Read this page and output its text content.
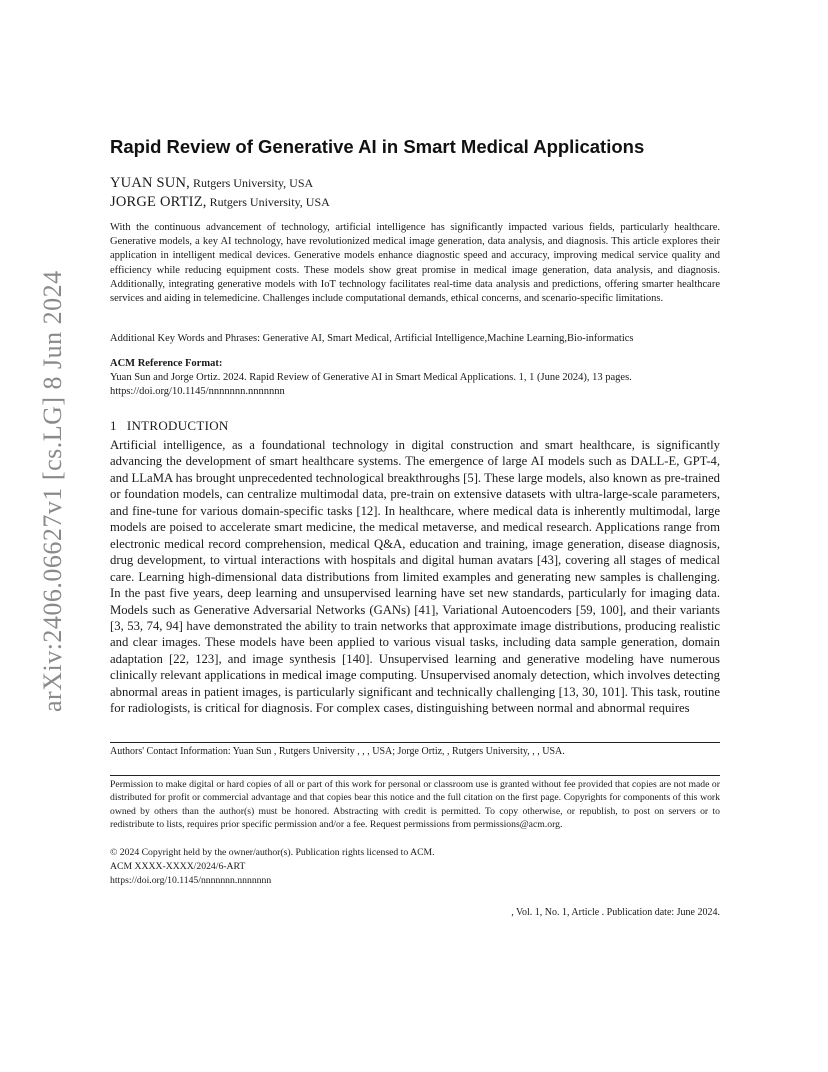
arXiv:2406.06627v1 [cs.LG] 8 Jun 2024
Rapid Review of Generative AI in Smart Medical Applications
YUAN SUN, Rutgers University, USA
JORGE ORTIZ, Rutgers University, USA
With the continuous advancement of technology, artificial intelligence has significantly impacted various fields, particularly healthcare. Generative models, a key AI technology, have revolutionized medical image generation, data analysis, and diagnosis. This article explores their application in intelligent medical devices. Generative models enhance diagnostic speed and accuracy, improving medical service quality and efficiency while reducing equipment costs. These models show great promise in medical image generation, data analysis, and diagnosis. Additionally, integrating generative models with IoT technology facilitates real-time data analysis and predictions, offering smarter healthcare services and aiding in telemedicine. Challenges include computational demands, ethical concerns, and scenario-specific limitations.
Additional Key Words and Phrases: Generative AI, Smart Medical, Artificial Intelligence,Machine Learning,Bio-informatics
ACM Reference Format:
Yuan Sun and Jorge Ortiz. 2024. Rapid Review of Generative AI in Smart Medical Applications. 1, 1 (June 2024), 13 pages.
https://doi.org/10.1145/nnnnnnn.nnnnnnn
1 INTRODUCTION
Artificial intelligence, as a foundational technology in digital construction and smart healthcare, is significantly advancing the development of smart healthcare systems. The emergence of large AI models such as DALL-E, GPT-4, and LLaMA has brought unprecedented technological breakthroughs [5]. These large models, also known as pre-trained or foundation models, can centralize multimodal data, pre-train on extensive datasets with ultra-large-scale parameters, and fine-tune for various domain-specific tasks [12]. In healthcare, where medical data is inherently multimodal, large models are poised to accelerate smart medicine, the medical metaverse, and medical research. Applications range from electronic medical record comprehension, medical Q&A, education and training, image generation, disease diagnosis, drug development, to virtual interactions with hospitals and digital human avatars [43], covering all stages of medical care. Learning high-dimensional data distributions from limited examples and generating new samples is challenging. In the past five years, deep learning and unsupervised learning have set new standards, particularly for imaging data. Models such as Generative Adversarial Networks (GANs) [41], Variational Autoencoders [59, 100], and their variants [3, 53, 74, 94] have demonstrated the ability to train networks that approximate image distributions, producing realistic and clear images. These models have been applied to various visual tasks, including data sample generation, domain adaptation [22, 123], and image synthesis [140]. Unsupervised learning and generative modeling have numerous clinically relevant applications in medical image computing. Unsupervised anomaly detection, which involves detecting abnormal areas in patient images, is particularly significant and technically challenging [13, 30, 101]. This task, routine for radiologists, is critical for diagnosis. For complex cases, distinguishing between normal and abnormal requires
Authors' Contact Information: Yuan Sun , Rutgers University , , , USA; Jorge Ortiz, , Rutgers University, , , USA.
Permission to make digital or hard copies of all or part of this work for personal or classroom use is granted without fee provided that copies are not made or distributed for profit or commercial advantage and that copies bear this notice and the full citation on the first page. Copyrights for components of this work owned by others than the author(s) must be honored. Abstracting with credit is permitted. To copy otherwise, or republish, to post on servers or to redistribute to lists, requires prior specific permission and/or a fee. Request permissions from permissions@acm.org.
© 2024 Copyright held by the owner/author(s). Publication rights licensed to ACM.
ACM XXXX-XXXX/2024/6-ART
https://doi.org/10.1145/nnnnnnn.nnnnnnn
, Vol. 1, No. 1, Article . Publication date: June 2024.
